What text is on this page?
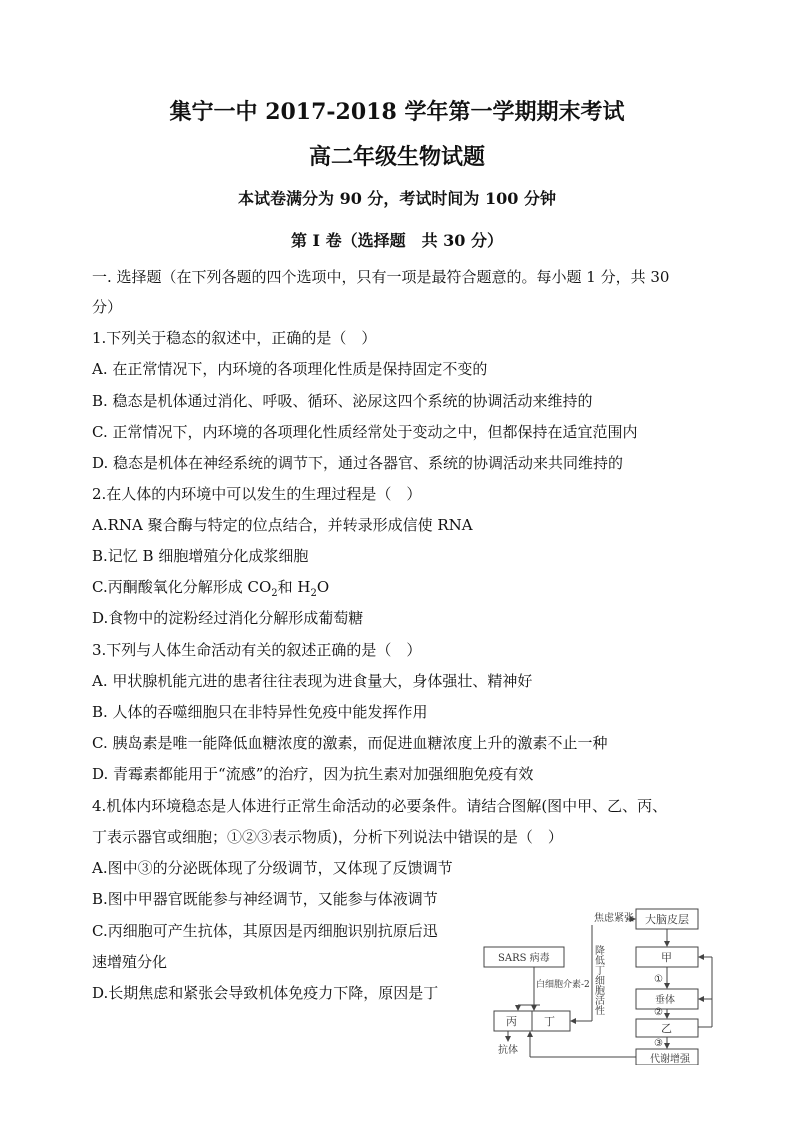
集宁一中 2017-2018 学年第一学期期末考试
高二年级生物试题
本试卷满分为 90 分，考试时间为 100 分钟
第 Ⅰ 卷（选择题　共 30 分）
一. 选择题（在下列各题的四个选项中，只有一项是最符合题意的。每小题 1 分，共 30
分）
1.下列关于稳态的叙述中，正确的是（　）
A. 在正常情况下，内环境的各项理化性质是保持固定不变的
B. 稳态是机体通过消化、呼吸、循环、泌尿这四个系统的协调活动来维持的
C. 正常情况下，内环境的各项理化性质经常处于变动之中，但都保持在适宜范围内
D. 稳态是机体在神经系统的调节下，通过各器官、系统的协调活动来共同维持的
2.在人体的内环境中可以发生的生理过程是（　）
A.RNA 聚合酶与特定的位点结合，并转录形成信使 RNA
B.记忆 B 细胞增殖分化成浆细胞
C.丙酮酸氧化分解形成 $CO_2$和 $H_2O$
D.食物中的淀粉经过消化分解形成葡萄糖
3.下列与人体生命活动有关的叙述正确的是（　）
A. 甲状腺机能亢进的患者往往表现为进食量大，身体强壮、精神好
B. 人体的吞噬细胞只在非特异性免疫中能发挥作用
C. 胰岛素是唯一能降低血糖浓度的激素，而促进血糖浓度上升的激素不止一种
D. 青霉素都能用于“流感”的治疗，因为抗生素对加强细胞免疫有效
4.机体内环境稳态是人体进行正常生命活动的必要条件。请结合图解(图中甲、乙、丙、
丁表示器官或细胞；①②③表示物质)，分析下列说法中错误的是（　）
A.图中③的分泌既体现了分级调节，又体现了反馈调节
B.图中甲器官既能参与神经调节，又能参与体液调节
C.丙细胞可产生抗体，其原因是丙细胞识别抗原后迅
速增殖分化
D.长期焦虑和紧张会导致机体免疫力下降，原因是丁
焦虑紧张 大脑皮层
甲
①
垂体
②
乙
③
代谢增强
SARS 病毒
丙 丁
白细胞介素-2
抗体
降低丁细胞活性
